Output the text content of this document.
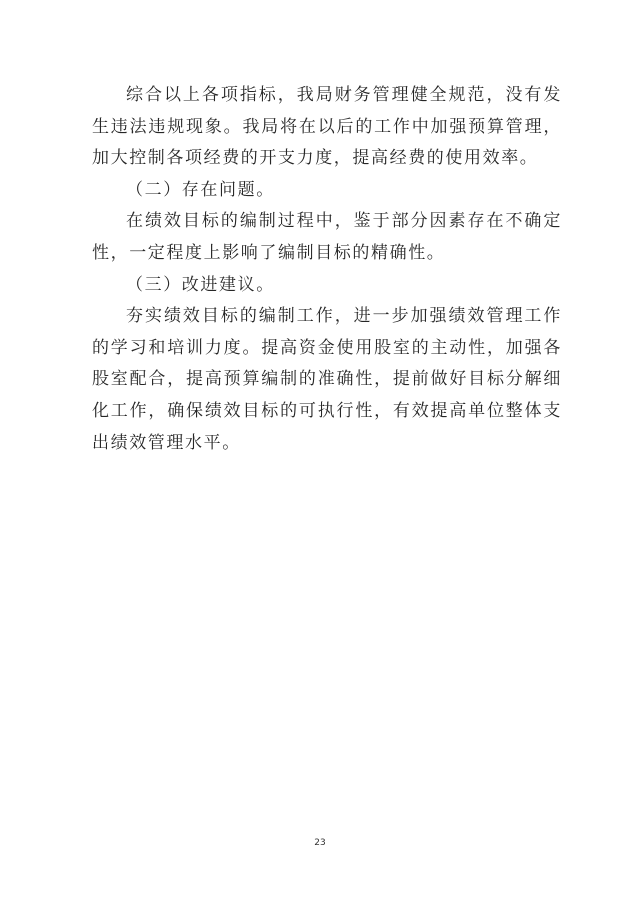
综合以上各项指标，我局财务管理健全规范，没有发生违法违规现象。我局将在以后的工作中加强预算管理，加大控制各项经费的开支力度，提高经费的使用效率。

（二）存在问题。

在绩效目标的编制过程中，鉴于部分因素存在不确定性，一定程度上影响了编制目标的精确性。

（三）改进建议。

夯实绩效目标的编制工作，进一步加强绩效管理工作的学习和培训力度。提高资金使用股室的主动性，加强各股室配合，提高预算编制的准确性，提前做好目标分解细化工作，确保绩效目标的可执行性，有效提高单位整体支出绩效管理水平。

23
